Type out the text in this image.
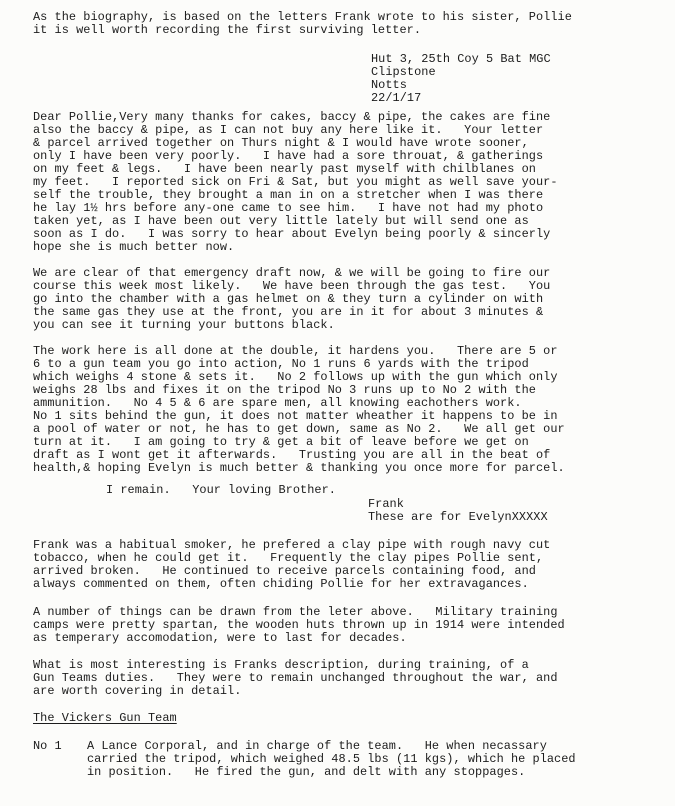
As the biography, is based on the letters Frank wrote to his sister, Pollie
it is well worth recording the first surviving letter.
Hut 3, 25th Coy 5 Bat MGC
Clipstone
Notts
22/1/17
Dear Pollie,Very many thanks for cakes, baccy & pipe, the cakes are fine
also the baccy & pipe, as I can not buy any here like it.   Your letter
& parcel arrived together on Thurs night & I would have wrote sooner,
only I have been very poorly.   I have had a sore throuat, & gatherings
on my feet & legs.   I have been nearly past myself with chilblanes on
my feet.   I reported sick on Fri & Sat, but you might as well save your-
self the trouble, they brought a man in on a stretcher when I was there
he lay 1½ hrs before any-one came to see him.   I have not had my photo
taken yet, as I have been out very little lately but will send one as
soon as I do.   I was sorry to hear about Evelyn being poorly & sincerly
hope she is much better now.
We are clear of that emergency draft now, & we will be going to fire our
course this week most likely.   We have been through the gas test.   You
go into the chamber with a gas helmet on & they turn a cylinder on with
the same gas they use at the front, you are in it for about 3 minutes &
you can see it turning your buttons black.
The work here is all done at the double, it hardens you.   There are 5 or
6 to a gun team you go into action, No 1 runs 6 yards with the tripod
which weighs 4 stone & sets it.   No 2 follows up with the gun which only
weighs 28 lbs and fixes it on the tripod No 3 runs up to No 2 with the
ammunition.   No 4 5 & 6 are spare men, all knowing eachothers work.
No 1 sits behind the gun, it does not matter wheather it happens to be in
a pool of water or not, he has to get down, same as No 2.   We all get our
turn at it.   I am going to try & get a bit of leave before we get on
draft as I wont get it afterwards.   Trusting you are all in the beat of
health,& hoping Evelyn is much better & thanking you once more for parcel.
I remain.   Your loving Brother.
Frank
These are for EvelynXXXXX
Frank was a habitual smoker, he prefered a clay pipe with rough navy cut
tobacco, when he could get it.   Frequently the clay pipes Pollie sent,
arrived broken.   He continued to receive parcels containing food, and
always commented on them, often chiding Pollie for her extravagances.
A number of things can be drawn from the leter above.   Military training
camps were pretty spartan, the wooden huts thrown up in 1914 were intended
as temperary accomodation, were to last for decades.
What is most interesting is Franks description, during training, of a
Gun Teams duties.   They were to remain unchanged throughout the war, and
are worth covering in detail.
The Vickers Gun Team
No 1 A Lance Corporal, and in charge of the team.   He when necassary
carried the tripod, which weighed 48.5 lbs (11 kgs), which he placed
in position.   He fired the gun, and delt with any stoppages.
